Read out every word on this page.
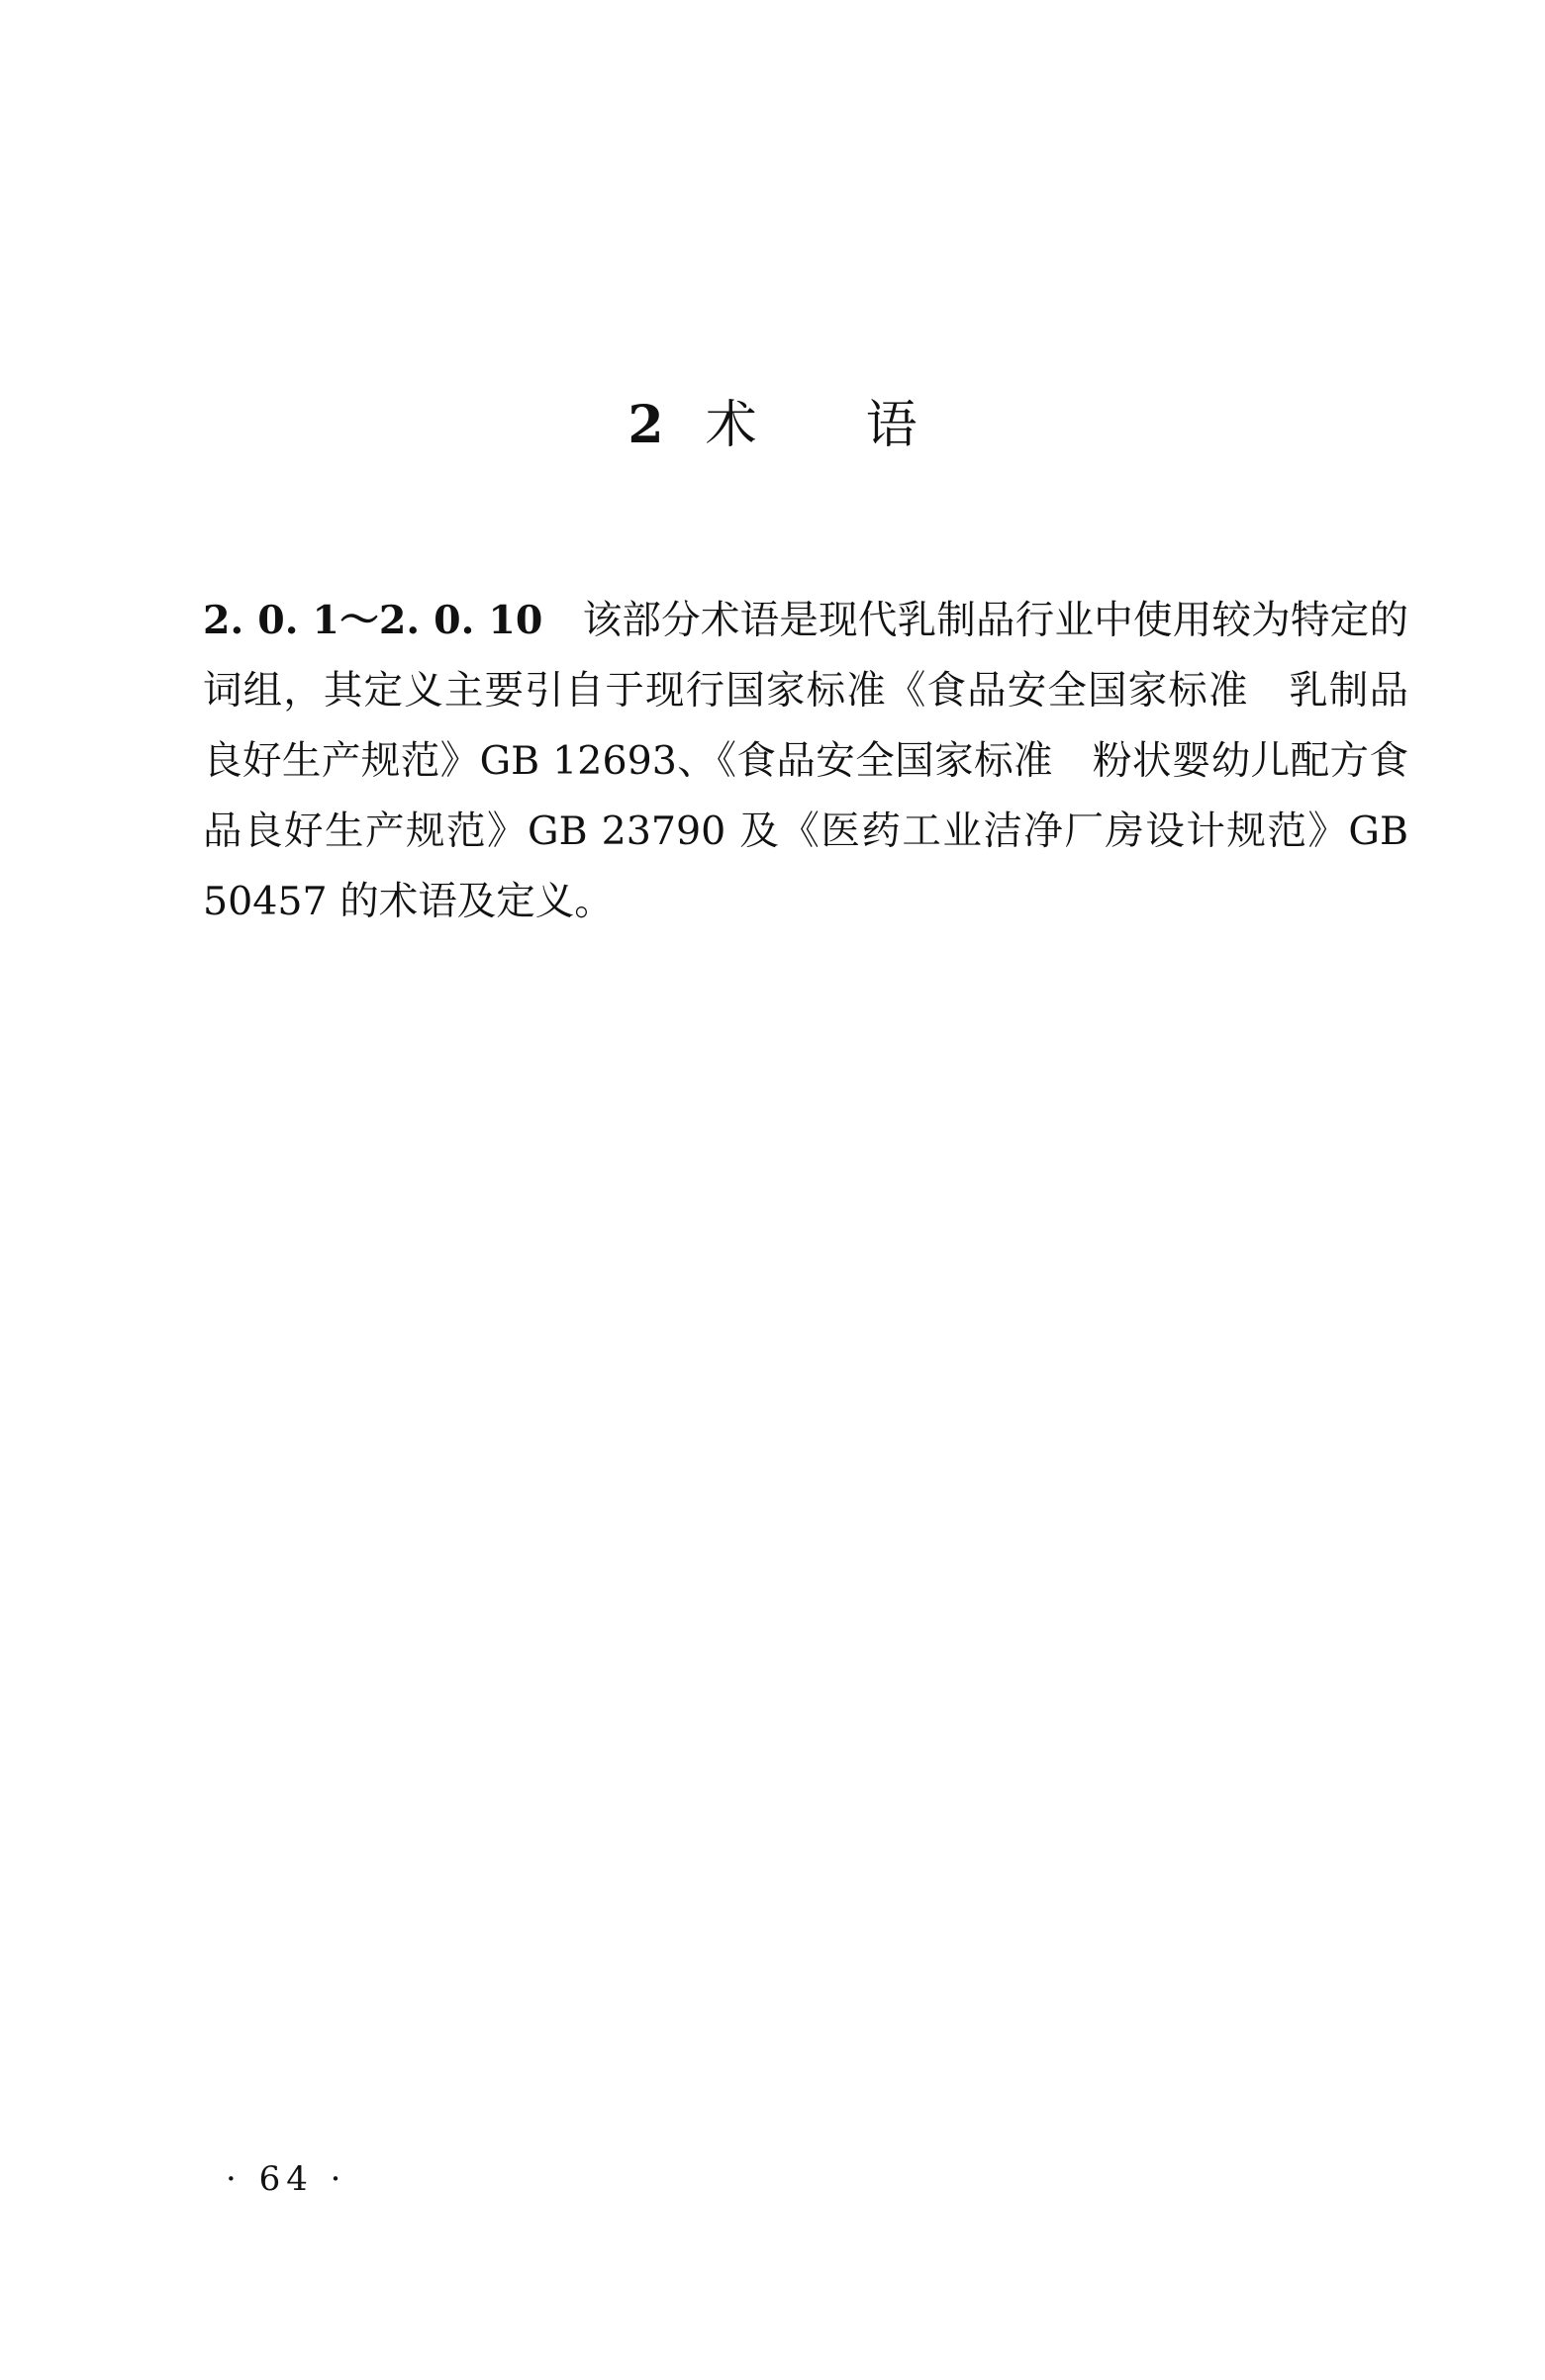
2 术 语

2. 0. 1～2. 0. 10 该部分术语是现代乳制品行业中使用较为特定的词组，其定义主要引自于现行国家标准《食品安全国家标准　乳制品良好生产规范》GB 12693、《食品安全国家标准　粉状婴幼儿配方食品良好生产规范》GB 23790 及《医药工业洁净厂房设计规范》GB 50457 的术语及定义。

· 64 ·
